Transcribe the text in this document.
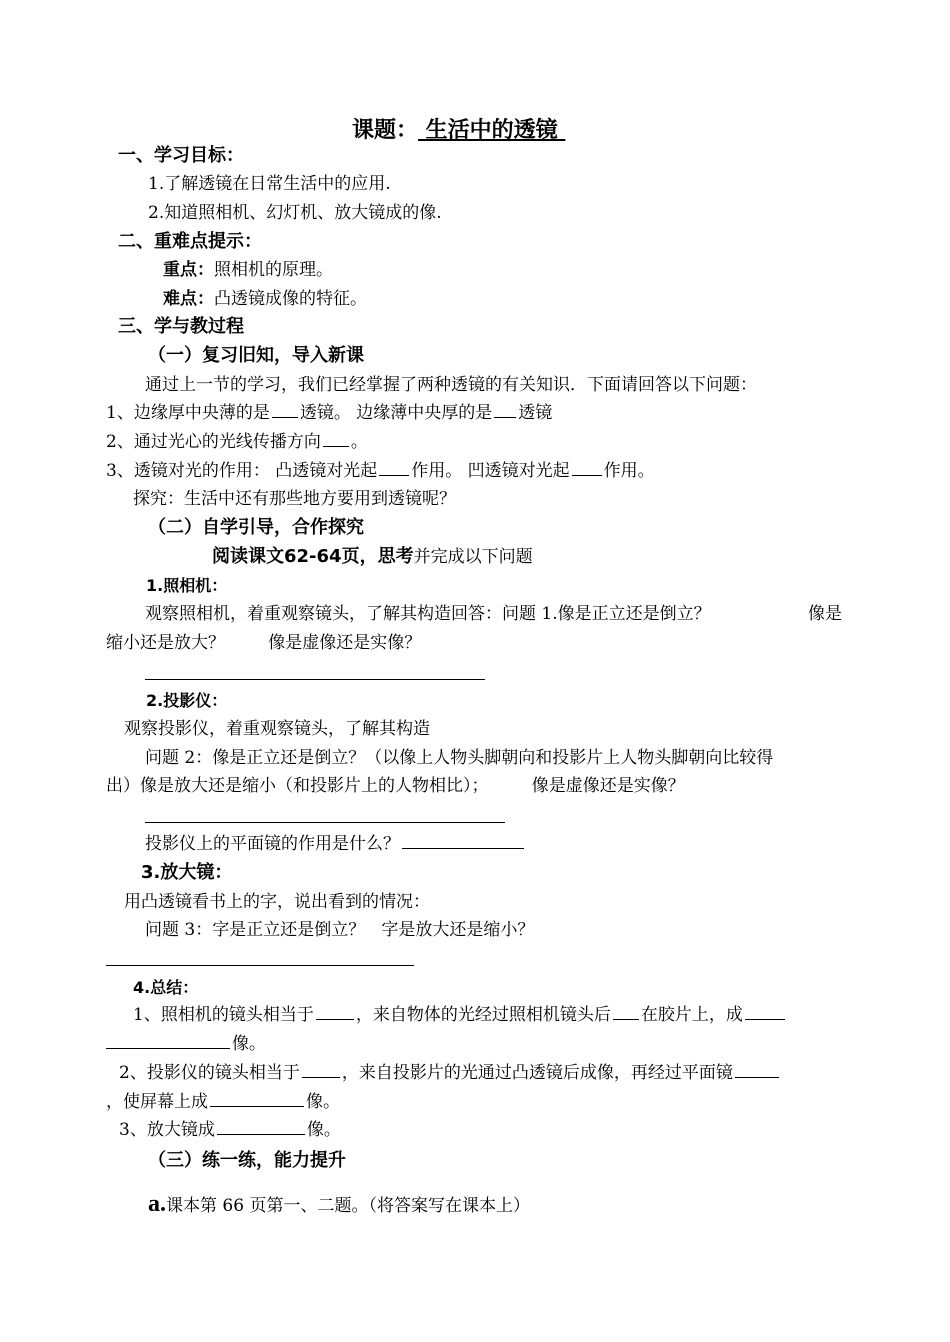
课题： 生活中的透镜
一、学习目标：
1.了解透镜在日常生活中的应用.
2.知道照相机、幻灯机、放大镜成的像.
二、重难点提示：
重点：照相机的原理。
难点：凸透镜成像的特征。
三、学与教过程
（一）复习旧知，导入新课
通过上一节的学习，我们已经掌握了两种透镜的有关知识．下面请回答以下问题：
1、边缘厚中央薄的是 透镜。 边缘薄中央厚的是 透镜
2、通过光心的光线传播方向 。
3、透镜对光的作用： 凸透镜对光起 作用。 凹透镜对光起 作用。
探究：生活中还有那些地方要用到透镜呢？
（二）自学引导，合作探究
阅读课文62-64页，思考并完成以下问题
1.照相机：
观察照相机，着重观察镜头，了解其构造回答：问题 1.像是正立还是倒立？	像是
缩小还是放大？        像是虚像还是实像？
2.投影仪：
观察投影仪，着重观察镜头，了解其构造
问题 2：像是正立还是倒立？（以像上人物头脚朝向和投影片上人物头脚朝向比较得
出）像是放大还是缩小（和投影片上的人物相比）；        像是虚像还是实像？
投影仪上的平面镜的作用是什么？
3.放大镜：
用凸透镜看书上的字，说出看到的情况：
问题 3：字是正立还是倒立？   字是放大还是缩小？
4.总结：
1、照相机的镜头相当于 ，来自物体的光经过照相机镜头后 在胶片上，成
像。
2、投影仪的镜头相当于 ，来自投影片的光通过凸透镜后成像，再经过平面镜
，使屏幕上成	像。
3、放大镜成	像。
（三）练一练，能力提升
a.课本第 66 页第一、二题。（将答案写在课本上）
